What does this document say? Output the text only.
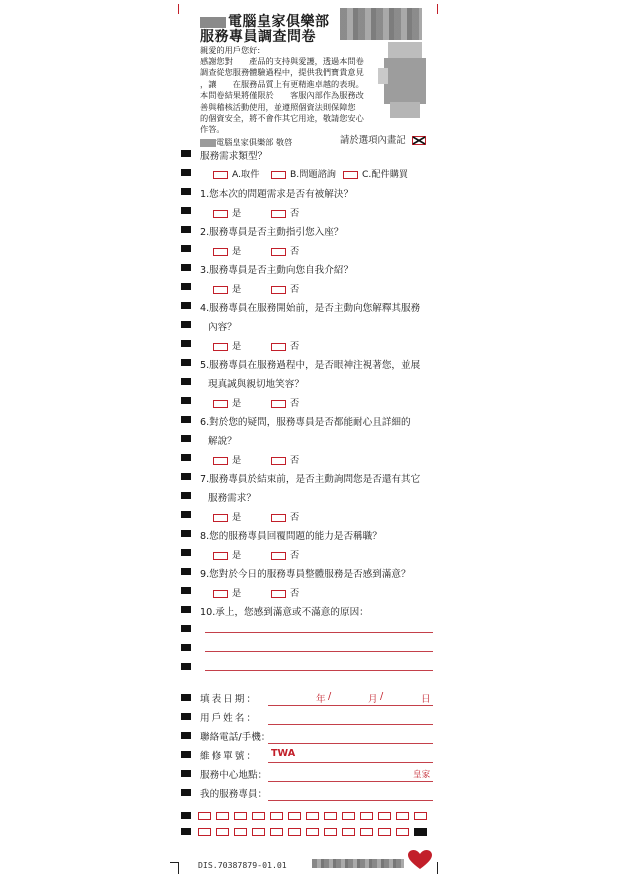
電腦皇家俱樂部
服務專員調查問卷
親愛的用戶您好:
感謝您對　　產品的支持與愛護，透過本問卷
調查從您服務體驗過程中，提供我們寶貴意見
，讓　　在服務品質上有更精進卓越的表現。
本問卷結果將僅限於　　客服內部作為服務改
善與稽核活動使用，並遵照個資法則保障您
的個資安全，將不會作其它用途，敬請您安心
作答。
電腦皇家俱樂部 敬啓	請於選項內畫記
服務需求類型？
A.取件	B.問題諮詢	C.配件購買
1.您本次的問題需求是否有被解決？
是	否
2.服務專員是否主動指引您入座？
是	否
3.服務專員是否主動向您自我介紹？
是	否
4.服務專員在服務開始前，是否主動向您解釋其服務
內容？
是	否
5.服務專員在服務過程中，是否眼神注視著您，並展
現真誠與親切地笑容？
是	否
6.對於您的疑問，服務專員是否都能耐心且詳細的
解說？
是	否
7.服務專員於結束前，是否主動詢問您是否還有其它
服務需求？
是	否
8.您的服務專員回覆問題的能力是否稱職？
是	否
9.您對於今日的服務專員整體服務是否感到滿意？
是	否
10.承上，您感到滿意或不滿意的原因：
填表日期：	年 /	月 /	日
用戶姓名：
聯絡電話/手機：
維修單號： TWA
服務中心地點：	皇家
我的服務專員：
DIS.70387879-01.01
